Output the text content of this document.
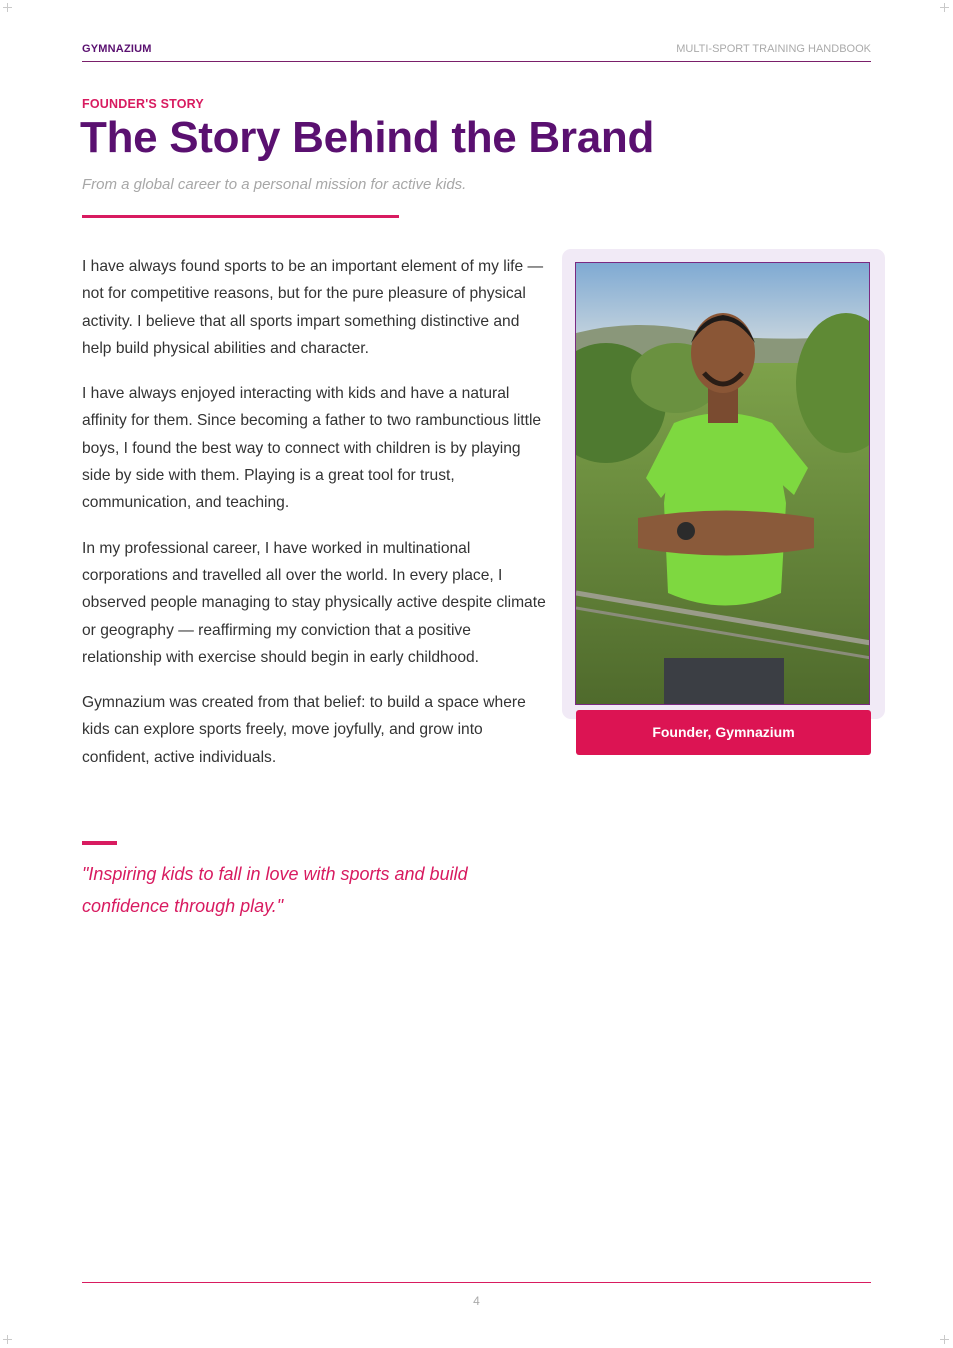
GYMNAZIUM	MULTI-SPORT TRAINING HANDBOOK
FOUNDER'S STORY
The Story Behind the Brand
From a global career to a personal mission for active kids.

I have always found sports to be an important element of my life — not for competitive reasons, but for the pure pleasure of physical activity. I believe that all sports impart something distinctive and help build physical abilities and character.

I have always enjoyed interacting with kids and have a natural affinity for them. Since becoming a father to two rambunctious little boys, I found the best way to connect with children is by playing side by side with them. Playing is a great tool for trust, communication, and teaching.

In my professional career, I have worked in multinational corporations and travelled all over the world. In every place, I observed people managing to stay physically active despite climate or geography — reaffirming my conviction that a positive relationship with exercise should begin in early childhood.

Gymnazium was created from that belief: to build a space where kids can explore sports freely, move joyfully, and grow into confident, active individuals.

Founder, Gymnazium
"Inspiring kids to fall in love with sports and build confidence through play."
4
